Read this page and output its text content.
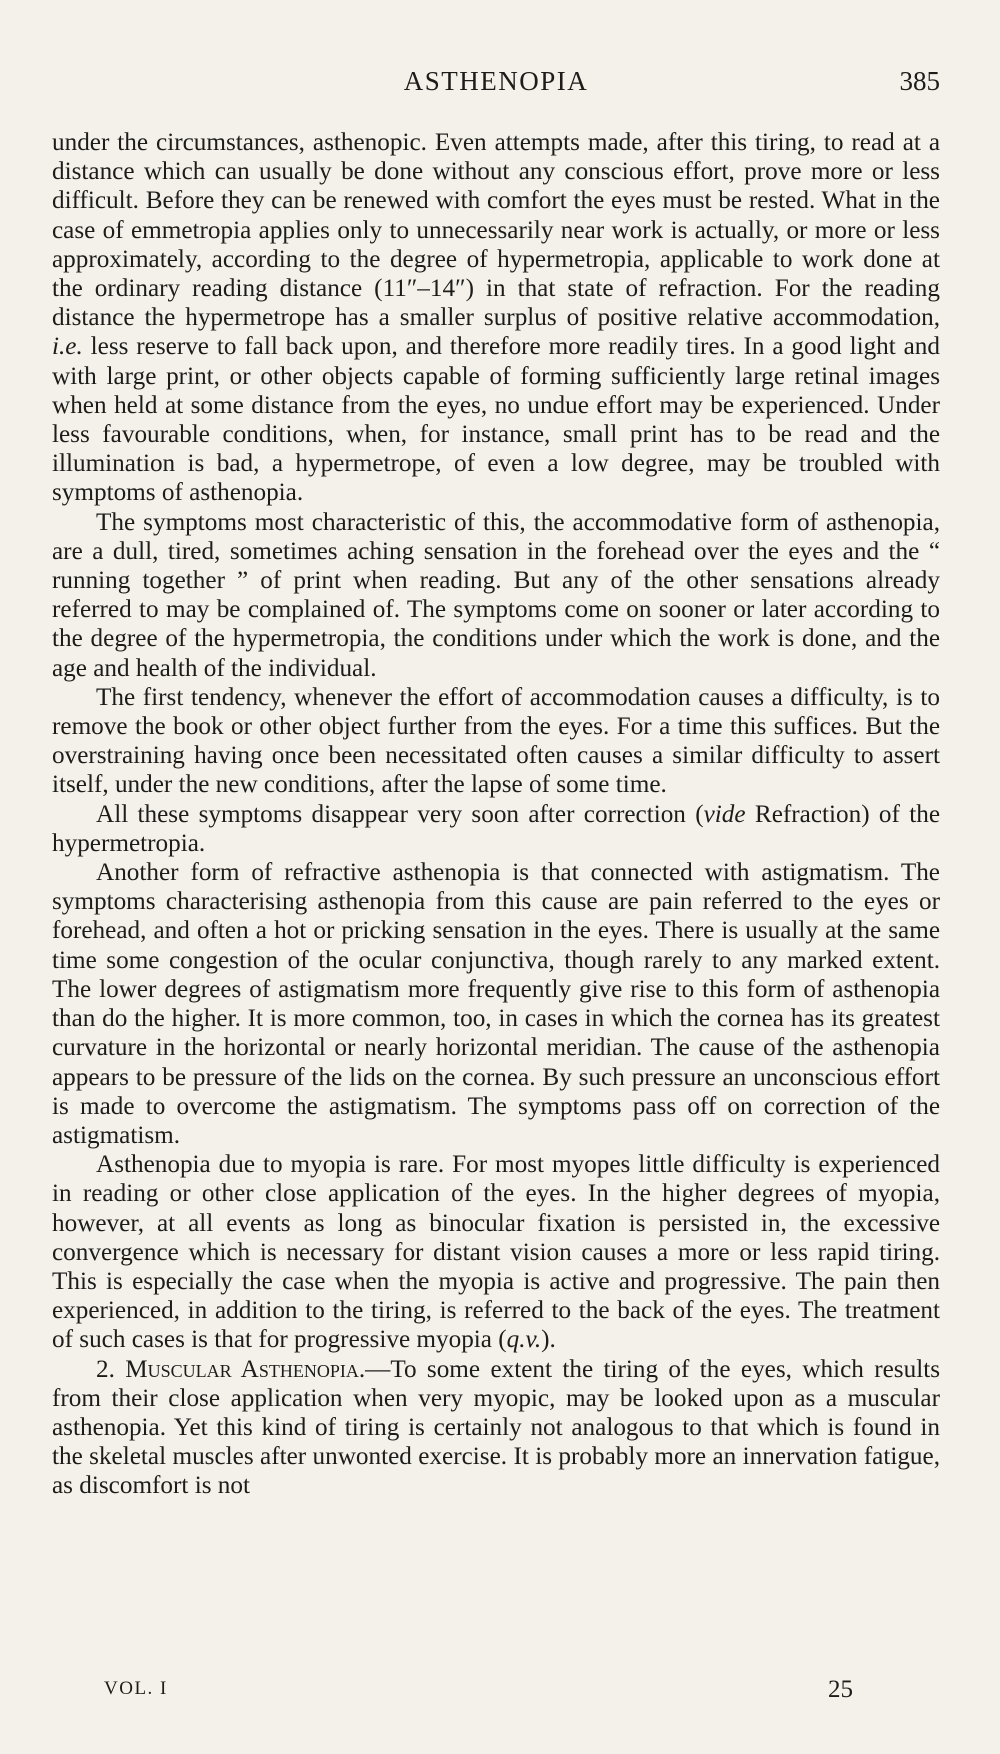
ASTHENOPIA	385

under the circumstances, asthenopic. Even attempts made, after this tiring, to read at a distance which can usually be done without any conscious effort, prove more or less difficult. Before they can be renewed with comfort the eyes must be rested. What in the case of emmetropia applies only to unnecessarily near work is actually, or more or less approximately, according to the degree of hypermetropia, applicable to work done at the ordinary reading distance (11″–14″) in that state of refraction. For the reading distance the hypermetrope has a smaller surplus of positive relative accommodation, i.e. less reserve to fall back upon, and therefore more readily tires. In a good light and with large print, or other objects capable of forming sufficiently large retinal images when held at some distance from the eyes, no undue effort may be experienced. Under less favourable conditions, when, for instance, small print has to be read and the illumination is bad, a hypermetrope, of even a low degree, may be troubled with symptoms of asthenopia.

The symptoms most characteristic of this, the accommodative form of asthenopia, are a dull, tired, sometimes aching sensation in the forehead over the eyes and the “ running together ” of print when reading. But any of the other sensations already referred to may be complained of. The symptoms come on sooner or later according to the degree of the hypermetropia, the conditions under which the work is done, and the age and health of the individual.

The first tendency, whenever the effort of accommodation causes a difficulty, is to remove the book or other object further from the eyes. For a time this suffices. But the overstraining having once been necessitated often causes a similar difficulty to assert itself, under the new conditions, after the lapse of some time.

All these symptoms disappear very soon after correction (vide Refraction) of the hypermetropia.

Another form of refractive asthenopia is that connected with astigmatism. The symptoms characterising asthenopia from this cause are pain referred to the eyes or forehead, and often a hot or pricking sensation in the eyes. There is usually at the same time some congestion of the ocular conjunctiva, though rarely to any marked extent. The lower degrees of astigmatism more frequently give rise to this form of asthenopia than do the higher. It is more common, too, in cases in which the cornea has its greatest curvature in the horizontal or nearly horizontal meridian. The cause of the asthenopia appears to be pressure of the lids on the cornea. By such pressure an unconscious effort is made to overcome the astigmatism. The symptoms pass off on correction of the astigmatism.

Asthenopia due to myopia is rare. For most myopes little difficulty is experienced in reading or other close application of the eyes. In the higher degrees of myopia, however, at all events as long as binocular fixation is persisted in, the excessive convergence which is necessary for distant vision causes a more or less rapid tiring. This is especially the case when the myopia is active and progressive. The pain then experienced, in addition to the tiring, is referred to the back of the eyes. The treatment of such cases is that for progressive myopia (q.v.).

2. Muscular Asthenopia.—To some extent the tiring of the eyes, which results from their close application when very myopic, may be looked upon as a muscular asthenopia. Yet this kind of tiring is certainly not analogous to that which is found in the skeletal muscles after unwonted exercise. It is probably more an innervation fatigue, as discomfort is not

VOL. I	25
